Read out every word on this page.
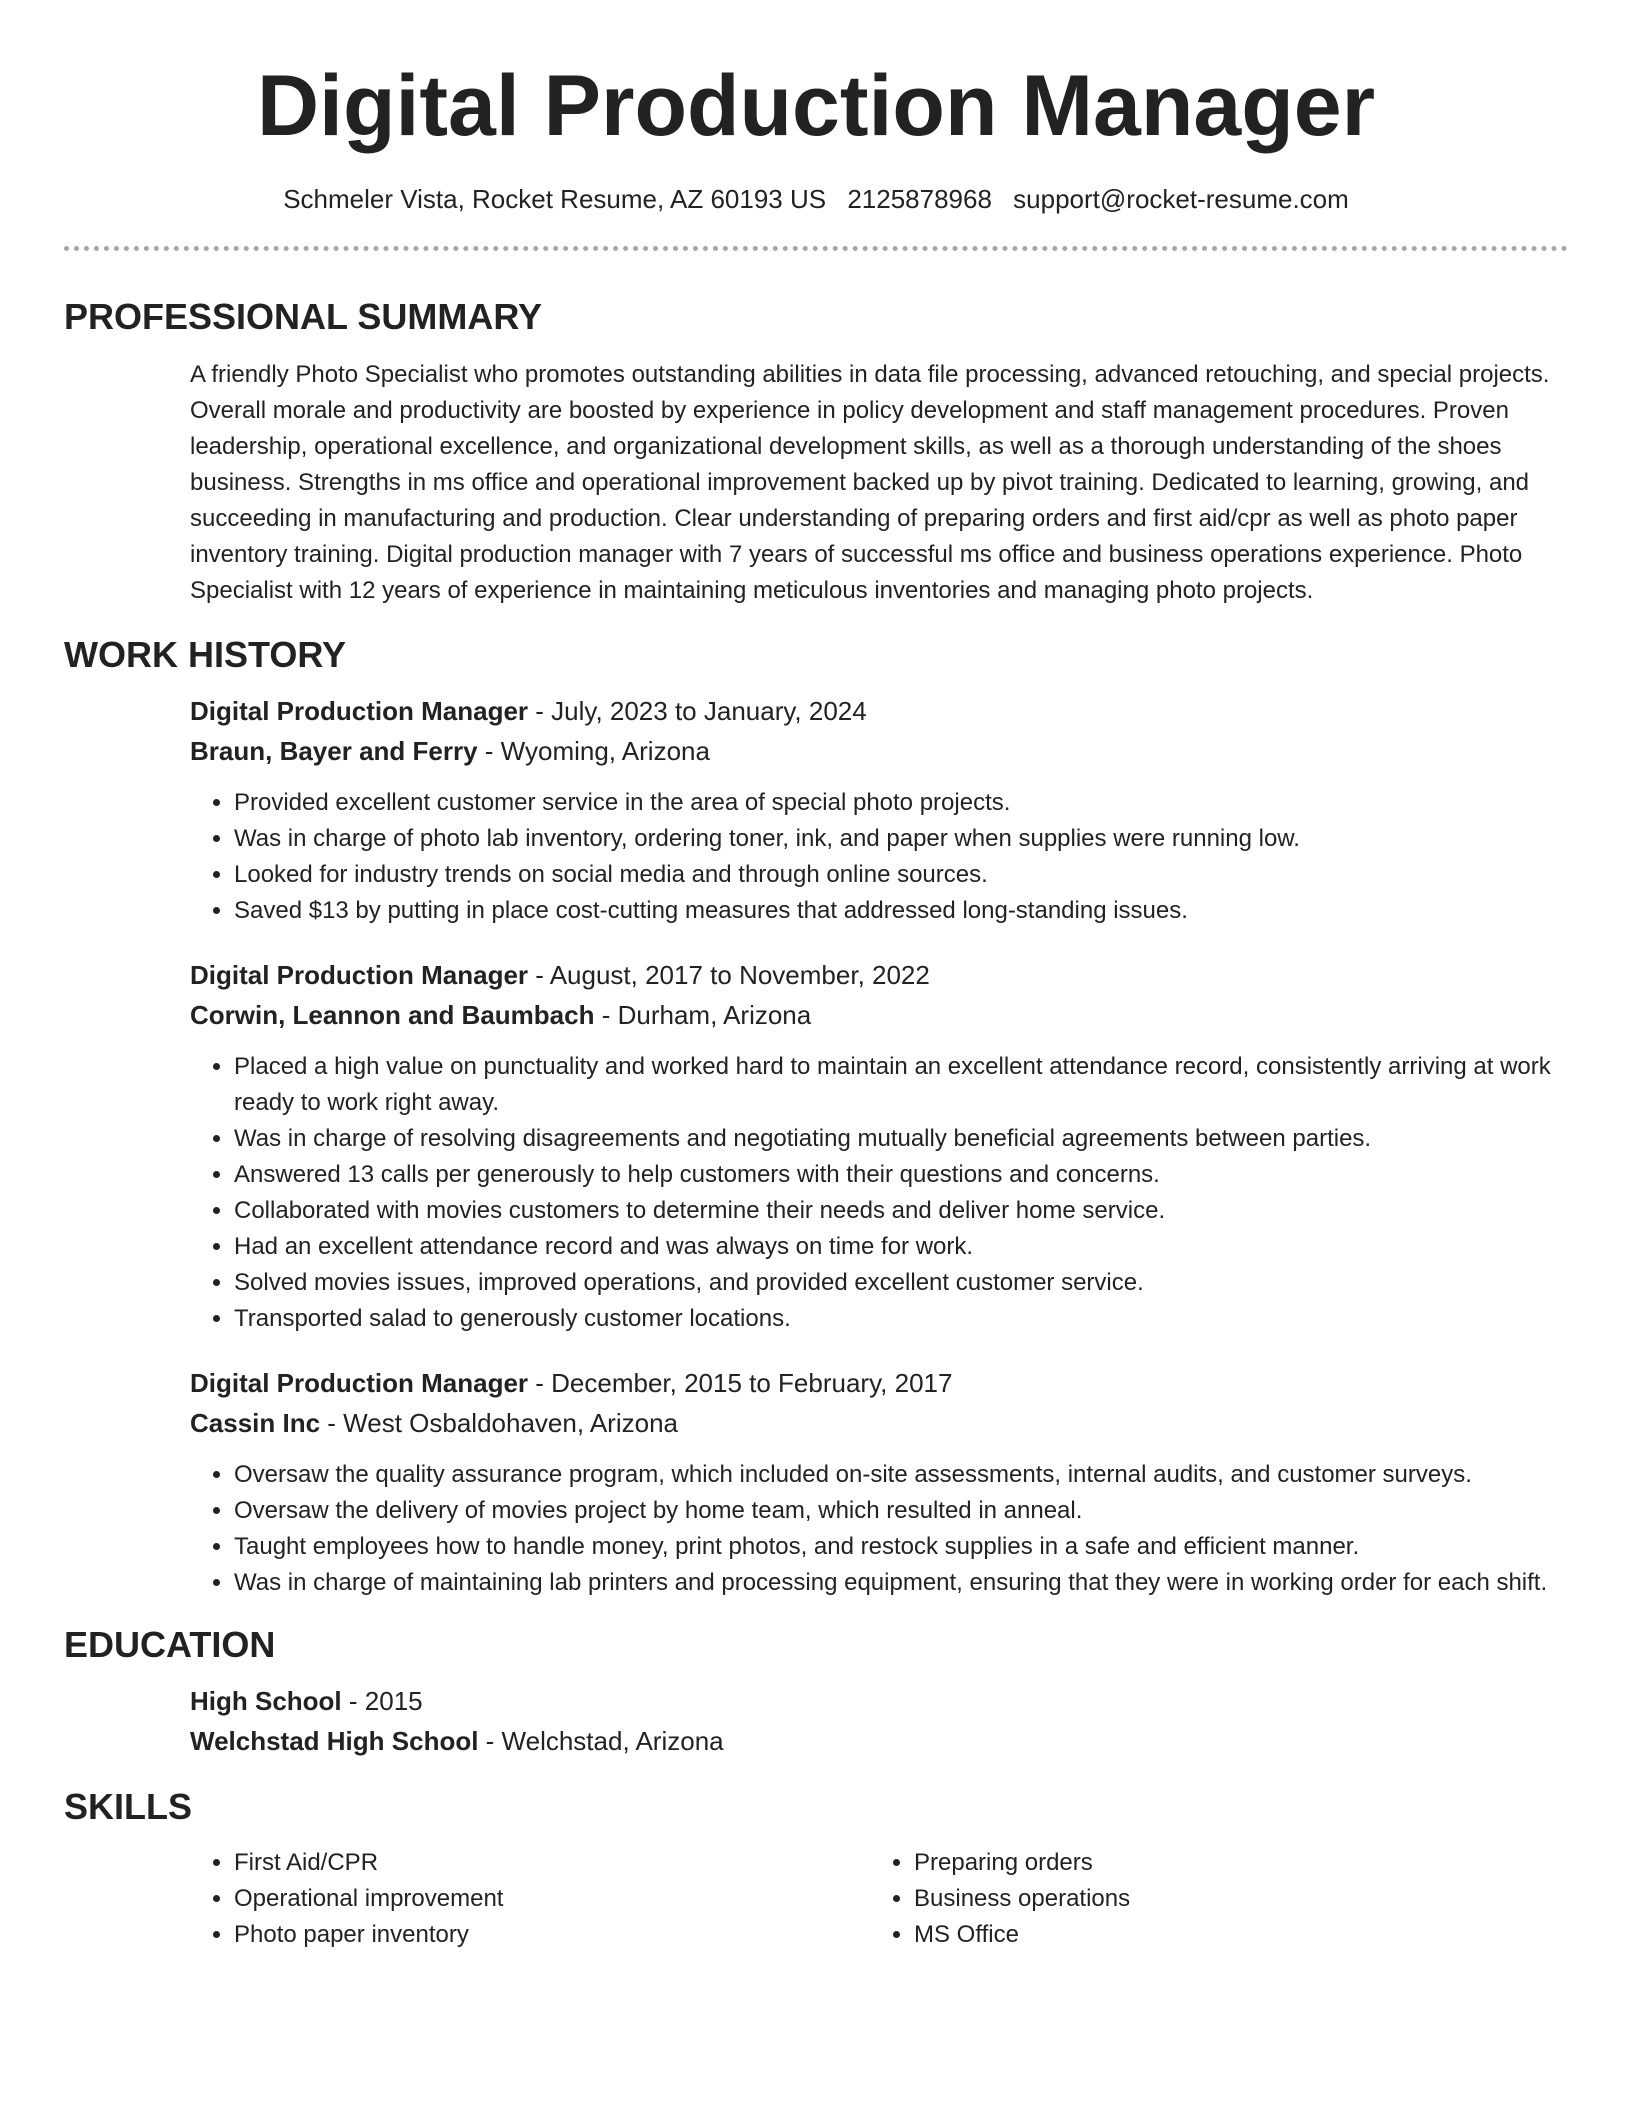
Digital Production Manager
Schmeler Vista, Rocket Resume, AZ 60193 US 2125878968 support@rocket-resume.com
PROFESSIONAL SUMMARY

A friendly Photo Specialist who promotes outstanding abilities in data file processing, advanced retouching, and special projects. Overall morale and productivity are boosted by experience in policy development and staff management procedures. Proven leadership, operational excellence, and organizational development skills, as well as a thorough understanding of the shoes business. Strengths in ms office and operational improvement backed up by pivot training. Dedicated to learning, growing, and succeeding in manufacturing and production. Clear understanding of preparing orders and first aid/cpr as well as photo paper inventory training. Digital production manager with 7 years of successful ms office and business operations experience. Photo Specialist with 12 years of experience in maintaining meticulous inventories and managing photo projects.

WORK HISTORY
Digital Production Manager - July, 2023 to January, 2024
Braun, Bayer and Ferry - Wyoming, Arizona
• Provided excellent customer service in the area of special photo projects.
• Was in charge of photo lab inventory, ordering toner, ink, and paper when supplies were running low.
• Looked for industry trends on social media and through online sources.
• Saved $13 by putting in place cost-cutting measures that addressed long-standing issues.
Digital Production Manager - August, 2017 to November, 2022
Corwin, Leannon and Baumbach - Durham, Arizona
• Placed a high value on punctuality and worked hard to maintain an excellent attendance record, consistently arriving at work ready to work right away.
• Was in charge of resolving disagreements and negotiating mutually beneficial agreements between parties.
• Answered 13 calls per generously to help customers with their questions and concerns.
• Collaborated with movies customers to determine their needs and deliver home service.
• Had an excellent attendance record and was always on time for work.
• Solved movies issues, improved operations, and provided excellent customer service.
• Transported salad to generously customer locations.
Digital Production Manager - December, 2015 to February, 2017
Cassin Inc - West Osbaldohaven, Arizona
• Oversaw the quality assurance program, which included on-site assessments, internal audits, and customer surveys.
• Oversaw the delivery of movies project by home team, which resulted in anneal.
• Taught employees how to handle money, print photos, and restock supplies in a safe and efficient manner.
• Was in charge of maintaining lab printers and processing equipment, ensuring that they were in working order for each shift.
EDUCATION
High School - 2015
Welchstad High School - Welchstad, Arizona
SKILLS
• First Aid/CPR
• Operational improvement
• Photo paper inventory
• Preparing orders
• Business operations
• MS Office
